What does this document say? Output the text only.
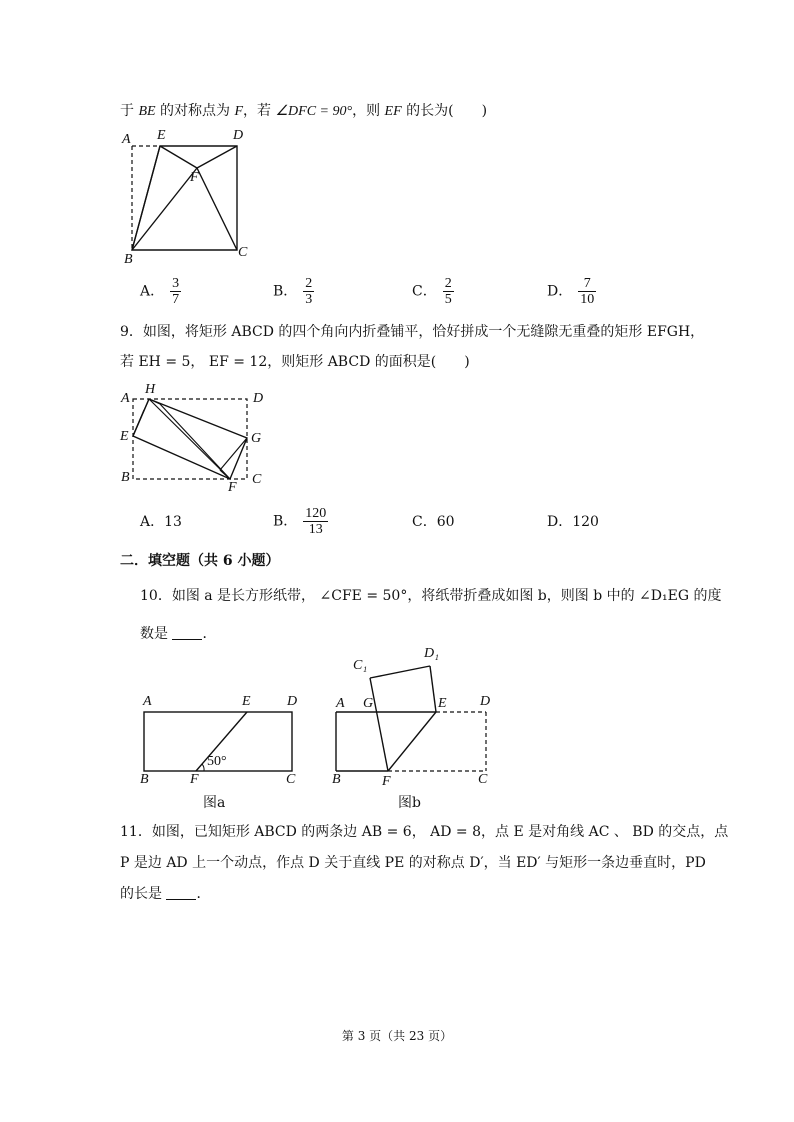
于 BE 的对称点为 F，若 ∠DFC = 90°，则 EF 的长为(　　)
A E	D
F
B	C
A． $\frac{3}{7}$	B． $\frac{2}{3}$	C． $\frac{2}{5}$	D． $\frac{7}{10}$
9．如图，将矩形 ABCD 的四个角向内折叠铺平，恰好拼成一个无缝隙无重叠的矩形 EFGH，
若 EH = 5， EF = 12，则矩形 ABCD 的面积是(　　)
H
A	D
E	G
B
F
C
A．13	B． $\frac{120}{13}$	C．60	D．120
二．填空题（共 6 小题）
10．如图 a 是长方形纸带， ∠CFE = 50°，将纸带折叠成如图 b，则图 b 中的 ∠D₁EG 的度
数是 ．
A	E	D
B	F	C
50°
图a
C₁
D₁
A G	E D
B	F	C
图b
11．如图，已知矩形 ABCD 的两条边 AB = 6， AD = 8，点 E 是对角线 AC 、 BD 的交点，点
P 是边 AD 上一个动点，作点 D 关于直线 PE 的对称点 D′，当 ED′ 与矩形一条边垂直时，PD
的长是 ．
第 3 页（共 23 页）
